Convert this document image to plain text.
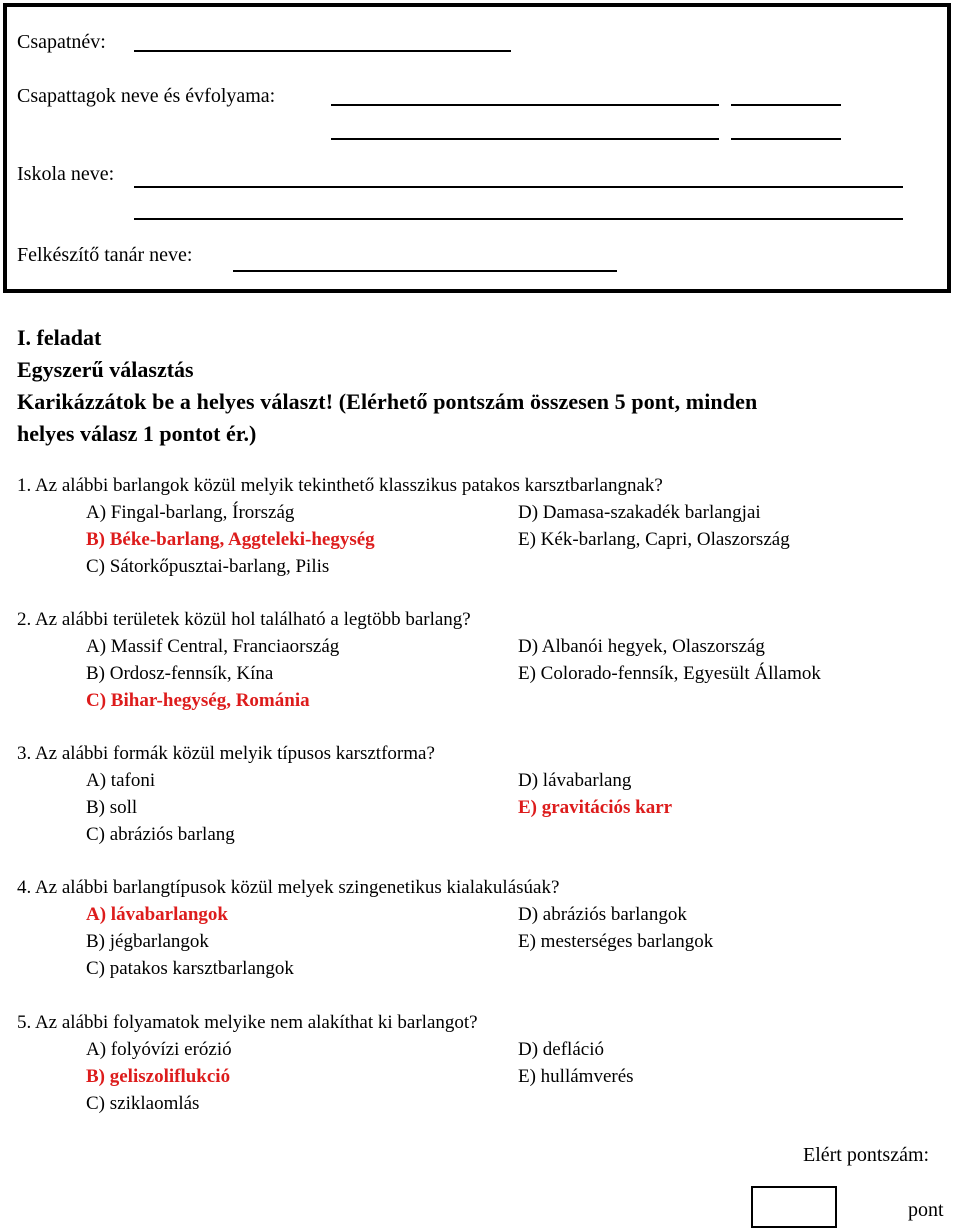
Csapatnév:
Csapattagok neve és évfolyama:
Iskola neve:
Felkészítő tanár neve:
I. feladat
Egyszerű választás
Karikázzátok be a helyes választ! (Elérhető pontszám összesen 5 pont, minden
helyes válasz 1 pontot ér.)
1. Az alábbi barlangok közül melyik tekinthető klasszikus patakos karsztbarlangnak?
A) Fingal-barlang, Írország	D) Damasa-szakadék barlangjai
B) Béke-barlang, Aggteleki-hegység	E) Kék-barlang, Capri, Olaszország
C) Sátorkőpusztai-barlang, Pilis
2. Az alábbi területek közül hol található a legtöbb barlang?
A) Massif Central, Franciaország	D) Albanói hegyek, Olaszország
B) Ordosz-fennsík, Kína	E) Colorado-fennsík, Egyesült Államok
C) Bihar-hegység, Románia
3. Az alábbi formák közül melyik típusos karsztforma?
A) tafoni	D) lávabarlang
B) soll	E) gravitációs karr
C) abráziós barlang
4. Az alábbi barlangtípusok közül melyek szingenetikus kialakulásúak?
A) lávabarlangok	D) abráziós barlangok
B) jégbarlangok	E) mesterséges barlangok
C) patakos karsztbarlangok
5. Az alábbi folyamatok melyike nem alakíthat ki barlangot?
A) folyóvízi erózió	D) defláció
B) geliszoliflukció	E) hullámverés
C) sziklaomlás
Elért pontszám:
pont
